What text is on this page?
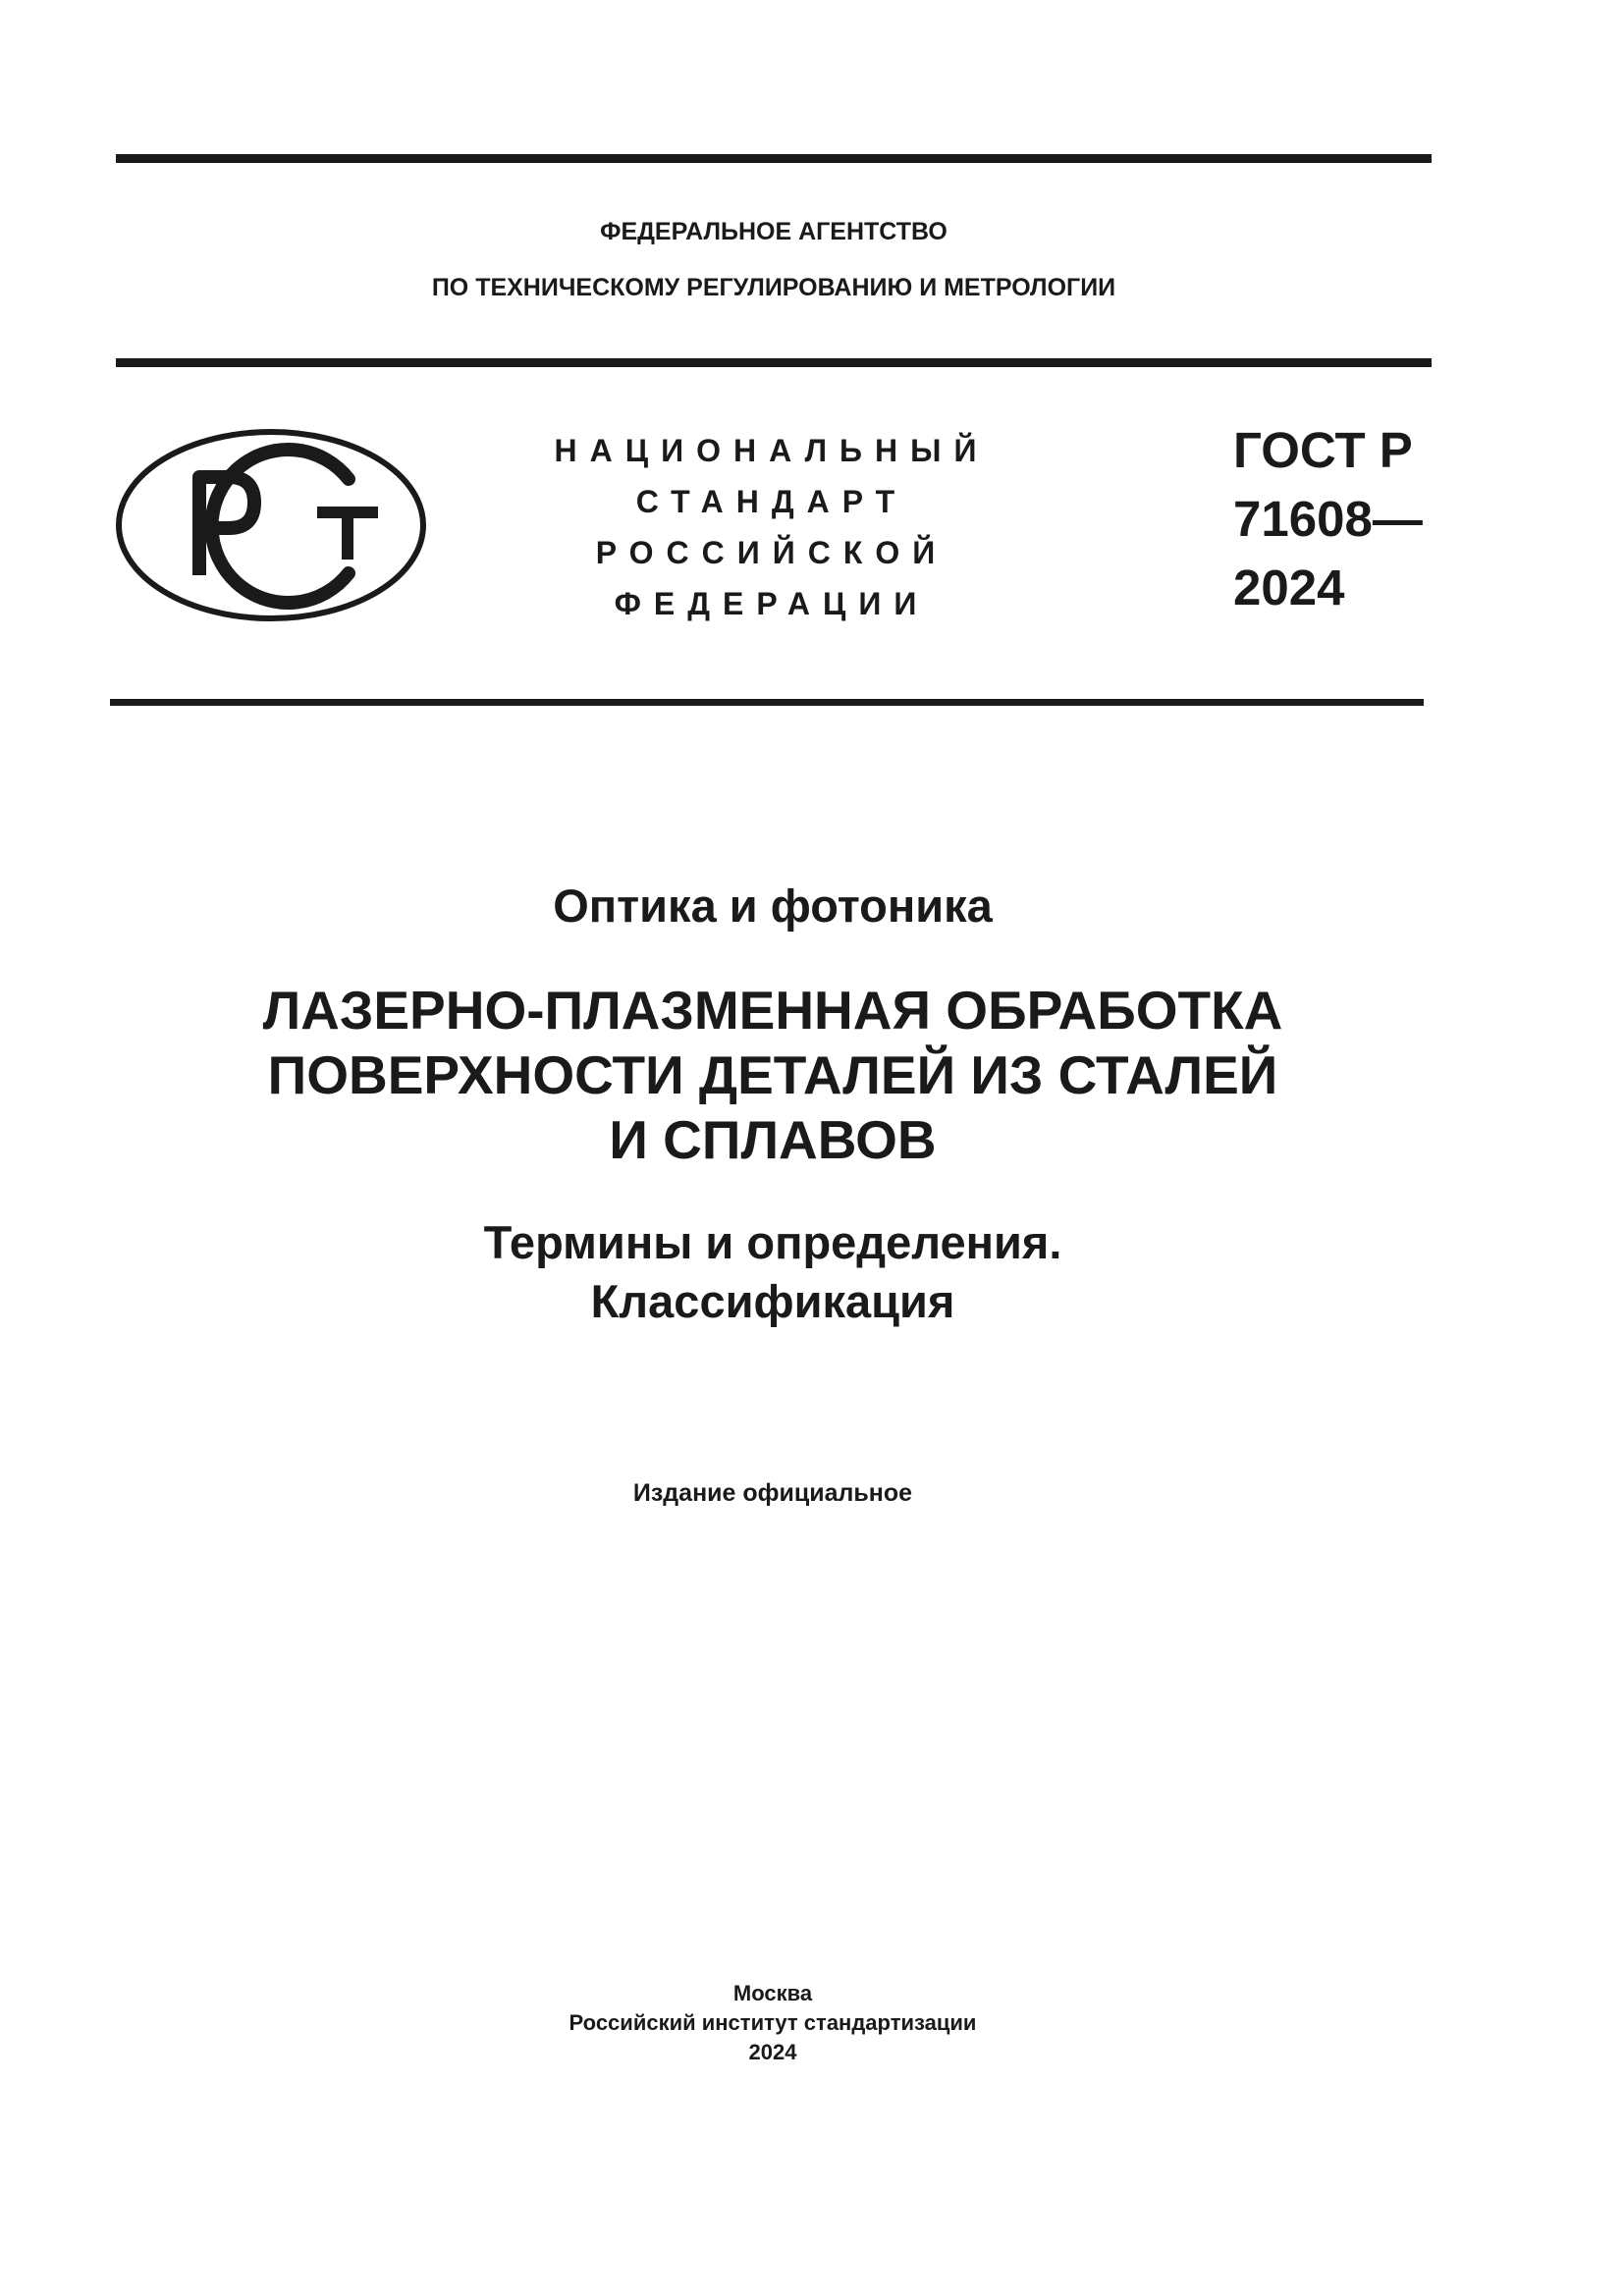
ФЕДЕРАЛЬНОЕ АГЕНТСТВО
ПО ТЕХНИЧЕСКОМУ РЕГУЛИРОВАНИЮ И МЕТРОЛОГИИ
НАЦИОНАЛЬНЫЙ
СТАНДАРТ
РОССИЙСКОЙ
ФЕДЕРАЦИИ
ГОСТ Р
71608—
2024
Оптика и фотоника
ЛАЗЕРНО-ПЛАЗМЕННАЯ ОБРАБОТКА
ПОВЕРХНОСТИ ДЕТАЛЕЙ ИЗ СТАЛЕЙ
И СПЛАВОВ
Термины и определения.
Классификация
Издание официальное
Москва
Российский институт стандартизации
2024
